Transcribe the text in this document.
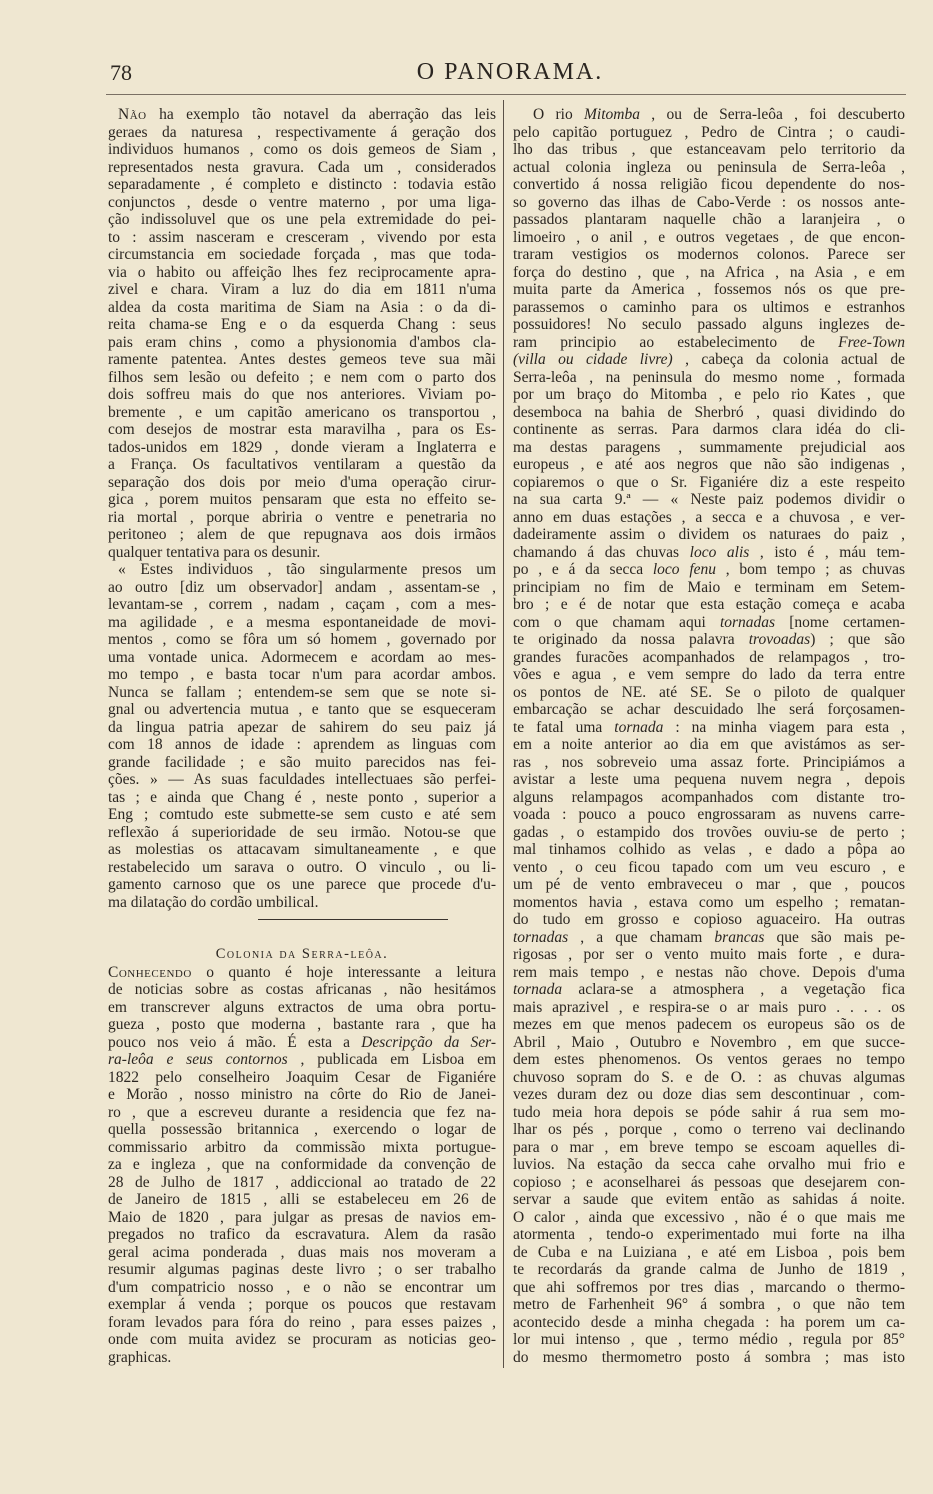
78	O PANORAMA.
Não ha exemplo tão notavel da aberração das leis
geraes da naturesa , respectivamente á geração dos
individuos humanos , como os dois gemeos de Siam ,
representados nesta gravura. Cada um , considerados
separadamente , é completo e distincto : todavia estão
conjunctos , desde o ventre materno , por uma liga-
ção indissoluvel que os une pela extremidade do pei-
to : assim nasceram e cresceram , vivendo por esta
circumstancia em sociedade forçada , mas que toda-
via o habito ou affeição lhes fez reciprocamente apra-
zivel e chara. Viram a luz do dia em 1811 n'uma
aldea da costa maritima de Siam na Asia : o da di-
reita chama-se Eng e o da esquerda Chang : seus
pais eram chins , como a physionomia d'ambos cla-
ramente patentea. Antes destes gemeos teve sua mãi
filhos sem lesão ou defeito ; e nem com o parto dos
dois soffreu mais do que nos anteriores. Viviam po-
bremente , e um capitão americano os transportou ,
com desejos de mostrar esta maravilha , para os Es-
tados-unidos em 1829 , donde vieram a Inglaterra e
a França. Os facultativos ventilaram a questão da
separação dos dois por meio d'uma operação cirur-
gica , porem muitos pensaram que esta no effeito se-
ria mortal , porque abriria o ventre e penetraria no
peritoneo ; alem de que repugnava aos dois irmãos
qualquer tentativa para os desunir.
« Estes individuos , tão singularmente presos um
ao outro [diz um observador] andam , assentam-se ,
levantam-se , correm , nadam , caçam , com a mes-
ma agilidade , e a mesma espontaneidade de movi-
mentos , como se fôra um só homem , governado por
uma vontade unica. Adormecem e acordam ao mes-
mo tempo , e basta tocar n'um para acordar ambos.
Nunca se fallam ; entendem-se sem que se note si-
gnal ou advertencia mutua , e tanto que se esqueceram
da lingua patria apezar de sahirem do seu paiz já
com 18 annos de idade : aprendem as linguas com
grande facilidade ; e são muito parecidos nas fei-
ções. » — As suas faculdades intellectuaes são perfei-
tas ; e ainda que Chang é , neste ponto , superior a
Eng ; comtudo este submette-se sem custo e até sem
reflexão á superioridade de seu irmão. Notou-se que
as molestias os attacavam simultaneamente , e que
restabelecido um sarava o outro. O vinculo , ou li-
gamento carnoso que os une parece que procede d'u-
ma dilatação do cordão umbilical.
Colonia da Serra-leôa.
Conhecendo o quanto é hoje interessante a leitura
de noticias sobre as costas africanas , não hesitámos
em transcrever alguns extractos de uma obra portu-
gueza , posto que moderna , bastante rara , que ha
pouco nos veio á mão. É esta a Descripção da Ser-
ra-leôa e seus contornos , publicada em Lisboa em
1822 pelo conselheiro Joaquim Cesar de Figaniére
e Morão , nosso ministro na côrte do Rio de Janei-
ro , que a escreveu durante a residencia que fez na-
quella possessão britannica , exercendo o logar de
commissario arbitro da commissão mixta portugue-
za e ingleza , que na conformidade da convenção de
28 de Julho de 1817 , addiccional ao tratado de 22
de Janeiro de 1815 , alli se estabeleceu em 26 de
Maio de 1820 , para julgar as presas de navios em-
pregados no trafico da escravatura. Alem da rasão
geral acima ponderada , duas mais nos moveram a
resumir algumas paginas deste livro ; o ser trabalho
d'um compatricio nosso , e o não se encontrar um
exemplar á venda ; porque os poucos que restavam
foram levados para fóra do reino , para esses paizes ,
onde com muita avidez se procuram as noticias geo-
graphicas.
O rio Mitomba , ou de Serra-leôa , foi descuberto
pelo capitão portuguez , Pedro de Cintra ; o caudi-
lho das tribus , que estanceavam pelo territorio da
actual colonia ingleza ou peninsula de Serra-leôa ,
convertido á nossa religião ficou dependente do nos-
so governo das ilhas de Cabo-Verde : os nossos ante-
passados plantaram naquelle chão a laranjeira , o
limoeiro , o anil , e outros vegetaes , de que encon-
traram vestigios os modernos colonos. Parece ser
força do destino , que , na Africa , na Asia , e em
muita parte da America , fossemos nós os que pre-
parassemos o caminho para os ultimos e estranhos
possuidores! No seculo passado alguns inglezes de-
ram principio ao estabelecimento de Free-Town
(villa ou cidade livre) , cabeça da colonia actual de
Serra-leôa , na peninsula do mesmo nome , formada
por um braço do Mitomba , e pelo rio Kates , que
desemboca na bahia de Sherbró , quasi dividindo do
continente as serras. Para darmos clara idéa do cli-
ma destas paragens , summamente prejudicial aos
europeus , e até aos negros que não são indigenas ,
copiaremos o que o Sr. Figaniére diz a este respeito
na sua carta 9.ª — « Neste paiz podemos dividir o
anno em duas estações , a secca e a chuvosa , e ver-
dadeiramente assim o dividem os naturaes do paiz ,
chamando á das chuvas loco alis , isto é , máu tem-
po , e á da secca loco fenu , bom tempo ; as chuvas
principiam no fim de Maio e terminam em Setem-
bro ; e é de notar que esta estação começa e acaba
com o que chamam aqui tornadas [nome certamen-
te originado da nossa palavra trovoadas) ; que são
grandes furacões acompanhados de relampagos , tro-
vões e agua , e vem sempre do lado da terra entre
os pontos de NE. até SE. Se o piloto de qualquer
embarcação se achar descuidado lhe será forçosamen-
te fatal uma tornada : na minha viagem para esta ,
em a noite anterior ao dia em que avistámos as ser-
ras , nos sobreveio uma assaz forte. Principiámos a
avistar a leste uma pequena nuvem negra , depois
alguns relampagos acompanhados com distante tro-
voada : pouco a pouco engrossaram as nuvens carre-
gadas , o estampido dos trovões ouviu-se de perto ;
mal tinhamos colhido as velas , e dado a pôpa ao
vento , o ceu ficou tapado com um veu escuro , e
um pé de vento embraveceu o mar , que , poucos
momentos havia , estava como um espelho ; rematan-
do tudo em grosso e copioso aguaceiro. Ha outras
tornadas , a que chamam brancas que são mais pe-
rigosas , por ser o vento muito mais forte , e dura-
rem mais tempo , e nestas não chove. Depois d'uma
tornada aclara-se a atmosphera , a vegetação fica
mais aprazivel , e respira-se o ar mais puro . . . . os
mezes em que menos padecem os europeus são os de
Abril , Maio , Outubro e Novembro , em que succe-
dem estes phenomenos. Os ventos geraes no tempo
chuvoso sopram do S. e de O. : as chuvas algumas
vezes duram dez ou doze dias sem descontinuar , com-
tudo meia hora depois se póde sahir á rua sem mo-
lhar os pés , porque , como o terreno vai declinando
para o mar , em breve tempo se escoam aquelles di-
luvios. Na estação da secca cahe orvalho mui frio e
copioso ; e aconselharei ás pessoas que desejarem con-
servar a saude que evitem então as sahidas á noite.
O calor , ainda que excessivo , não é o que mais me
atormenta , tendo-o experimentado mui forte na ilha
de Cuba e na Luiziana , e até em Lisboa , pois bem
te recordarás da grande calma de Junho de 1819 ,
que ahi soffremos por tres dias , marcando o thermo-
metro de Farhenheit 96° á sombra , o que não tem
acontecido desde a minha chegada : ha porem um ca-
lor mui intenso , que , termo médio , regula por 85°
do mesmo thermometro posto á sombra ; mas isto
